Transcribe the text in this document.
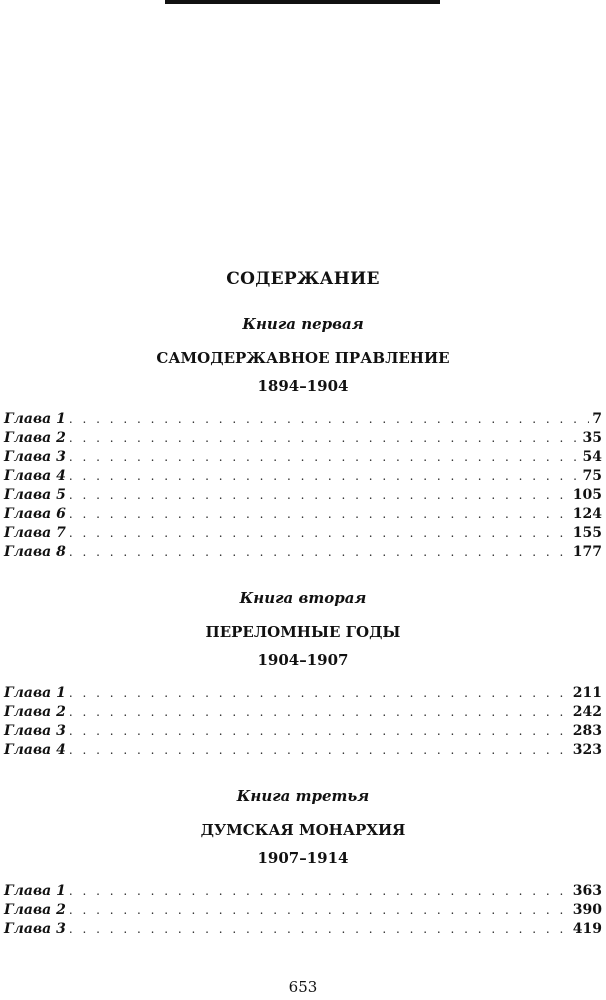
СОДЕРЖАНИЕ

Книга первая

САМОДЕРЖАВНОЕ ПРАВЛЕНИЕ

1894–1904

Глава 1 . . .	7
Глава 2 . . .	35
Глава 3 . . .	54
Глава 4 . . .	75
Глава 5 . . .	105
Глава 6 . . .	124
Глава 7 . . .	155
Глава 8 . . .	177

Книга вторая

ПЕРЕЛОМНЫЕ ГОДЫ

1904–1907

Глава 1 . . .	211
Глава 2 . . .	242
Глава 3 . . .	283
Глава 4 . . .	323

Книга третья

ДУМСКАЯ МОНАРХИЯ

1907–1914

Глава 1 . . .	363
Глава 2 . . .	390
Глава 3 . . .	419
653
